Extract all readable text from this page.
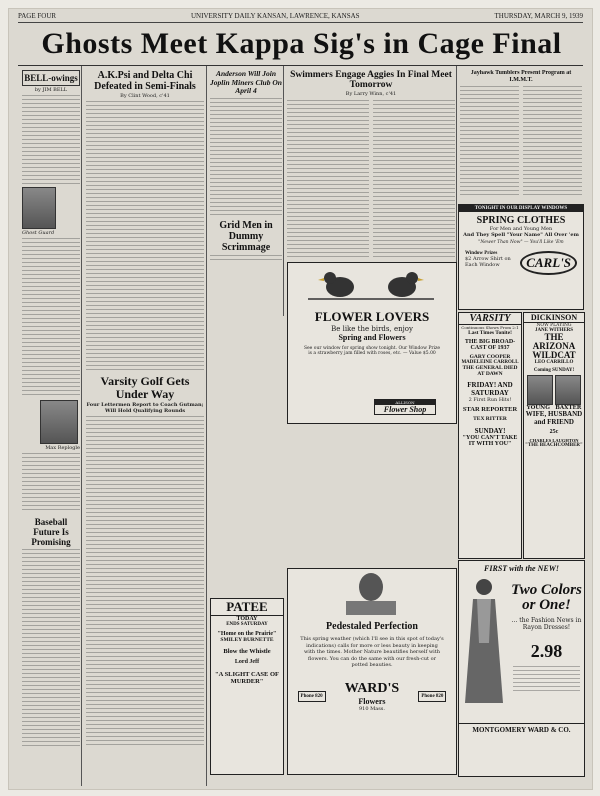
PAGE FOUR	UNIVERSITY DAILY KANSAN, LAWRENCE, KANSAS	THURSDAY, MARCH 9, 1939
Ghosts Meet Kappa Sig's in Cage Final
BELL-owings
by JIM BELL
Ghost Guard
Max Replogle
Baseball Future Is Promising
A.K.Psi and Delta Chi Defeated in Semi-Finals
By Clint Wood, c'41
Varsity Golf Gets Under Way
Four Lettermen Report to Coach Gutman; Will Hold Qualifying Rounds
Anderson Will Join Joplin Miners Club On April 4
Grid Men in Dummy Scrimmage
Swimmers Engage Aggies In Final Meet Tomorrow
By Larry Winn, c'41
Jayhawk Tumblers Present Program at I.M.M.T.
TONIGHT IN OUR DISPLAY WINDOWS
SPRING CLOTHES
For Men and Young Men
And They Spell "Your Name" All Over 'em
"Newer Than Now" — You'll Like 'Em
Window Prizes
$2 Arrow Shirt on Each Window	CARL'S
FLOWER LOVERS
Be like the birds, enjoy
Spring and Flowers
See our window for spring show tonight. Our Window Prize is a strawberry jam filled with roses, etc. — Value $5.00
ALLISON
Flower Shop
VARSITY
Continuous Shows From 2:1
Last Times Tonite!
THE BIG BROAD-CAST OF 1937
GARY COOPER
MADELEINE CARROLL
THE GENERAL DIED AT DAWN
FRIDAY! AND SATURDAY
2 First Run Hits!
STAR REPORTER
TEX RITTER
SUNDAY!
"YOU CAN'T TAKE IT WITH YOU"
DICKINSON
NOW PLAYING
JANE WITHERS
THE ARIZONA WILDCAT
LEO CARRILLO
Coming SUNDAY!
YOUNG BAXTER
WIFE, HUSBAND and FRIEND
25c
CHARLES LAUGHTON
"THE BEACHCOMBER"
PATEE
TODAY
ENDS SATURDAY
"Home on the Prairie"
SMILEY BURNETTE
Blow the Whistle
Lord Jeff
"A SLIGHT CASE OF MURDER"
Pedestaled Perfection
This spring weather (which I'll see in this spot of today's indications) calls for more or less beauty in keeping with the times. Mother Nature beautifies herself with flowers. You can do the same with our fresh-cut or potted beauties.
Phone 820
WARD'S
Flowers
910 Mass.
Phone 820
FIRST with the NEW!
Two Colors or One!
... the Fashion News in Rayon Dresses!
2.98
MONTGOMERY WARD & CO.
